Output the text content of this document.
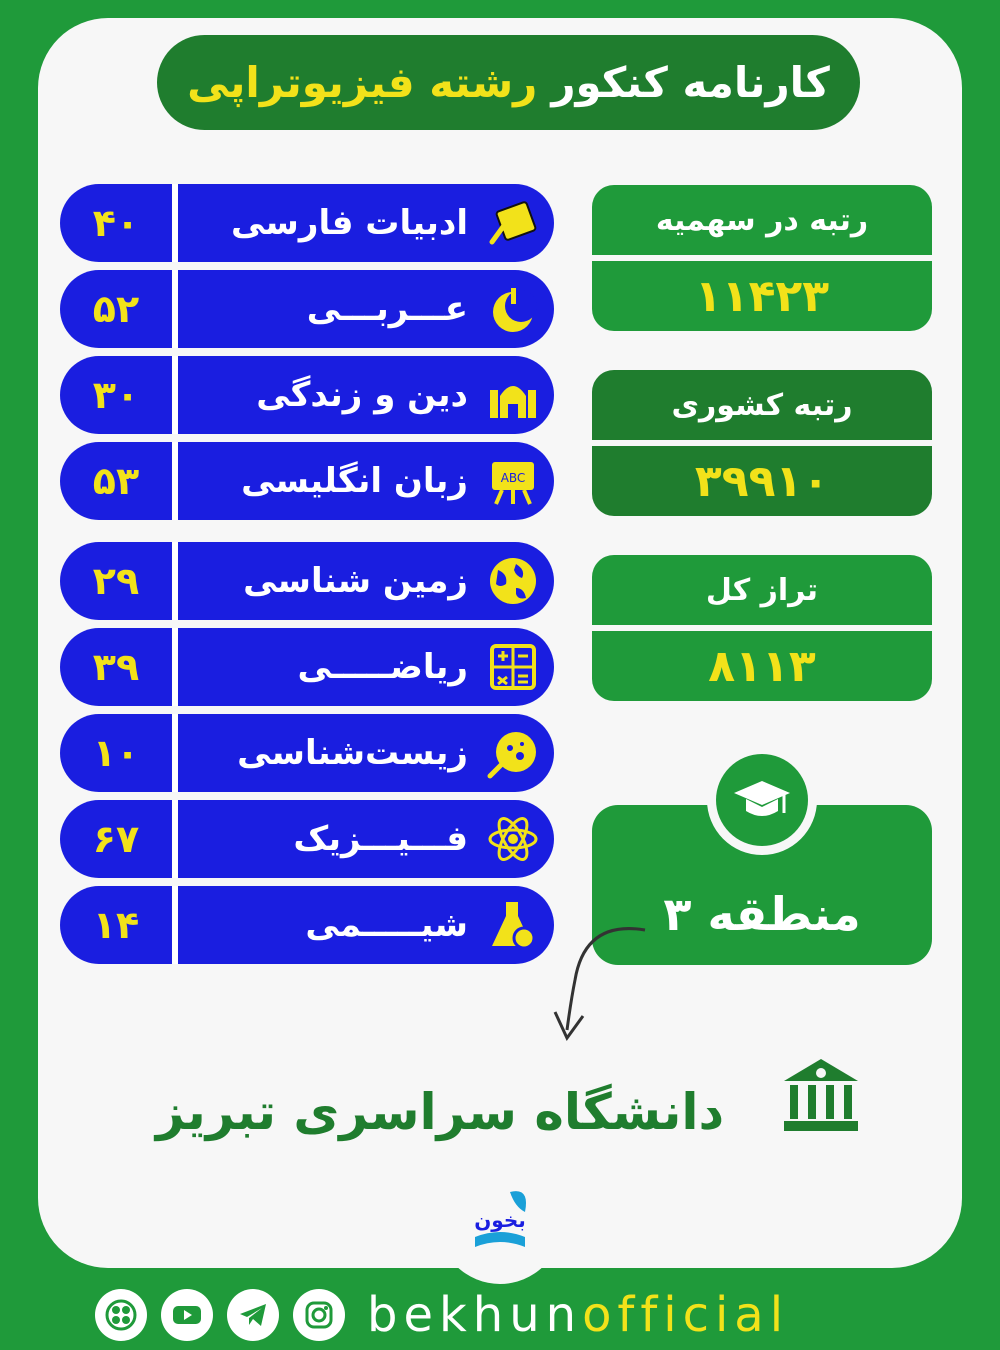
کارنامه کنکور
رشته فیزیوتراپی
۴۰	ادبیات فارسی
۵۲	عـــربـــی
۳۰	دین و زندگی
۵۳	زبان انگلیسی	ABC
۲۹	زمین شناسی
۳۹	ریاضـــــی
۱۰	زیست‌شناسی
۶۷	فـــیـــزیک
۱۴	شیـــــمی
رتبه در سهمیه
۱۱۴۲۳
رتبه کشوری
۳۹۹۱۰
تراز کل
۸۱۱۳
منطقه ۳
دانشگاه سراسری تبریز
بخون
bekhunofficial
